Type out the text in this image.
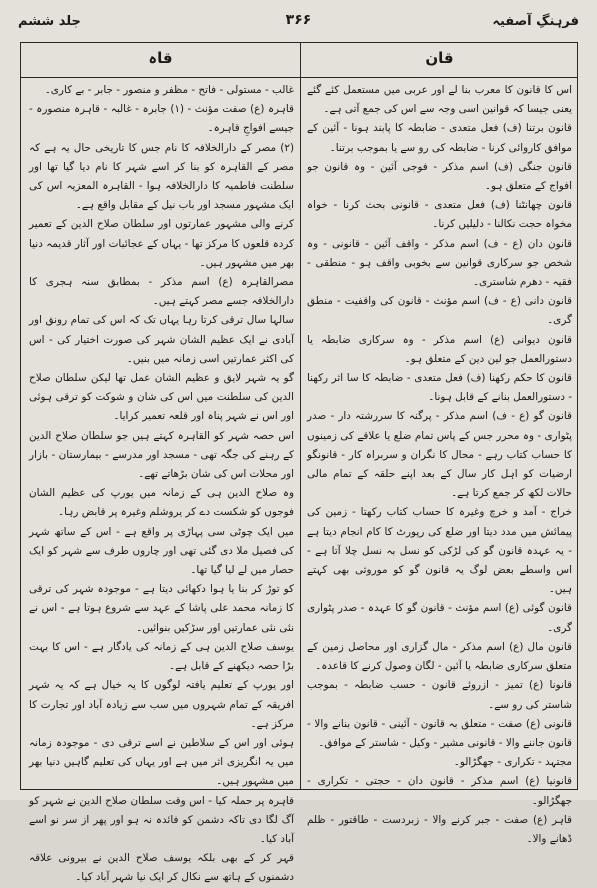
فرہنگِ آصفیہ
۳۶۶
جلد ششم
قان
قاہ

اس کا قانون کا معرب بنا لے اور عربی میں مستعمل کئے گئے یعنی جیسا کہ قوانین اسی وجہ سے اس کی جمع آتی ہے۔

قانون برتنا (ف) فعل متعدی - ضابطہ کا پابند ہونا - آئین کے موافق کاروائی کرنا - ضابطہ کی رو سے یا بموجب برتنا۔

قانون جنگی (ف) اسم مذکر - فوجی آئین - وہ قانون جو افواج کے متعلق ہو۔

قانون چھانٹنا (ف) فعل متعدی - قانونی بحث کرنا - خواہ مخواہ حجت نکالنا - دلیلیں کرنا۔

قانون دان (ع - ف) اسم مذکر - واقف آئین - قانونی - وہ شخص جو سرکاری قوانین سے بخوبی واقف ہو - منطقی - فقیہ - دھرم شاستری۔

قانون دانی (ع - ف) اسم مؤنث - قانون کی واقفیت - منطق گری۔

قانون دیوانی (ع) اسم مذکر - وہ سرکاری ضابطہ یا دستورالعمل جو لین دین کے متعلق ہو۔

قانون کا حکم رکھنا (ف) فعل متعدی - ضابطہ کا سا اثر رکھنا - دستورالعمل بنانے کے قابل ہونا۔

قانون گو (ع - ف) اسم مذکر - پرگنہ کا سررشتہ دار - صدر پٹواری - وہ محرر جس کے پاس تمام ضلع یا علاقے کی زمینوں کا حساب کتاب رہے - محال کا نگران و سربراہ کار - قانونگو ارضیات کو اہل کار سال کے بعد اپنے حلقہ کے تمام مالی حالات لکھ کر جمع کرتا ہے۔

خراج - آمد و خرچ وغیرہ کا حساب کتاب رکھتا - زمین کی پیمائش میں مدد دیتا اور ضلع کی رپورٹ کا کام انجام دیتا ہے - یہ عہدہ قانون گو کی لڑکی کو نسل بہ نسل چلا آتا ہے - اس واسطے بعض لوگ یہ قانون گو کو موروثی بھی کہتے ہیں۔

قانون گوئی (ع) اسم مؤنث - قانون گو کا عہدہ - صدر پٹواری گری۔

قانون مال (ع) اسم مذکر - مال گزاری اور محاصل زمین کے متعلق سرکاری ضابطہ یا آئین - لگان وصول کرنے کا قاعدہ۔

قانونا (ع) تمیز - ازروئے قانون - حسب ضابطہ - بموجب شاستر کی رو سے۔

قانونی (ع) صفت - متعلق بہ قانون - آئینی - قانون بنانے والا - قانون جاننے والا - قانونی مشیر - وکیل - شاستر کے موافق۔

مجتہد - تکراری - جھگڑالو۔

قانونیا (ع) اسم مذکر - قانون دان - حجتی - تکراری - جھگڑالو۔

قاہر (ع) صفت - جبر کرنے والا - زبردست - طاقتور - ظلم ڈھانے والا۔

غالب - مستولی - فاتح - مظفر و منصور - جابر - بے کاری۔

قاہرہ (ع) صفت مؤنث - (۱) جابرہ - غالبہ - قاہرہ منصورہ - جیسے افواجِ قاہرہ۔

(۲) مصر کے دارالخلافہ کا نام جس کا تاریخی حال یہ ہے کہ مصر کے القاہرہ کو بنا کر اسے شہر کا نام دیا گیا تھا اور سلطنت فاطمیہ کا دارالخلافہ ہوا - القاہرہ المعزیہ اس کی ایک مشہور مسجد اور باب نیل کے مقابل واقع ہے۔

کرنے والی مشہور عمارتوں اور سلطان صلاح الدین کے تعمیر کردہ قلعوں کا مرکز تھا - یہاں کے عجائبات اور آثار قدیمہ دنیا بھر میں مشہور ہیں۔

مصرالقاہرہ (ع) اسم مذکر - بمطابق سنہ ہجری کا دارالخلافہ جسے مصر کہتے ہیں۔

سالہا سال ترقی کرتا رہا یہاں تک کہ اس کی تمام رونق اور آبادی نے ایک عظیم الشان شہر کی صورت اختیار کی - اس کی اکثر عمارتیں اسی زمانہ میں بنیں۔

گو یہ شہر لایق و عظیم الشان عمل تھا لیکن سلطان صلاح الدین کی سلطنت میں اس کی شان و شوکت کو ترقی ہوئی اور اس نے شہر پناہ اور قلعہ تعمیر کرایا۔

اس حصہ شہر کو القاہرہ کہتے ہیں جو سلطان صلاح الدین کے رہنے کی جگہ تھی - مسجد اور مدرسے - بیمارستان - بازار اور محلات اس کی شان بڑھاتے تھے۔

وہ صلاح الدین ہی کے زمانہ میں یورپ کی عظیم الشان فوجوں کو شکست دے کر یروشلم وغیرہ پر قابض رہا۔

میں ایک چوٹی سی پہاڑی پر واقع ہے - اس کے ساتھ شہر کی فصیل ملا دی گئی تھی اور چاروں طرف سے شہر کو ایک حصار میں لے لیا گیا تھا۔

کو توڑ کر بنا یا ہوا دکھائی دیتا ہے - موجودہ شہر کی ترقی کا زمانہ محمد علی پاشا کے عہد سے شروع ہوتا ہے - اس نے نئی نئی عمارتیں اور سڑکیں بنوائیں۔

یوسف صلاح الدین ہی کے زمانہ کی یادگار ہے - اس کا بہت بڑا حصہ دیکھنے کے قابل ہے۔

اور یورپ کے تعلیم یافتہ لوگوں کا یہ خیال ہے کہ یہ شہر افریقہ کے تمام شہروں میں سب سے زیادہ آباد اور تجارت کا مرکز ہے۔

ہوئی اور اس کے سلاطین نے اسے ترقی دی - موجودہ زمانہ میں یہ انگریزی اثر میں ہے اور یہاں کی تعلیم گاہیں دنیا بھر میں مشہور ہیں۔

قاہرہ پر حملہ کیا - اس وقت سلطان صلاح الدین نے شہر کو آگ لگا دی تاکہ دشمن کو فائدہ نہ ہو اور پھر از سر نو اسے آباد کیا۔

قہر کر کے بھی بلکہ یوسف صلاح الدین نے بیرونی علاقہ دشمنوں کے ہاتھ سے نکال کر ایک نیا شہر آباد کیا۔
